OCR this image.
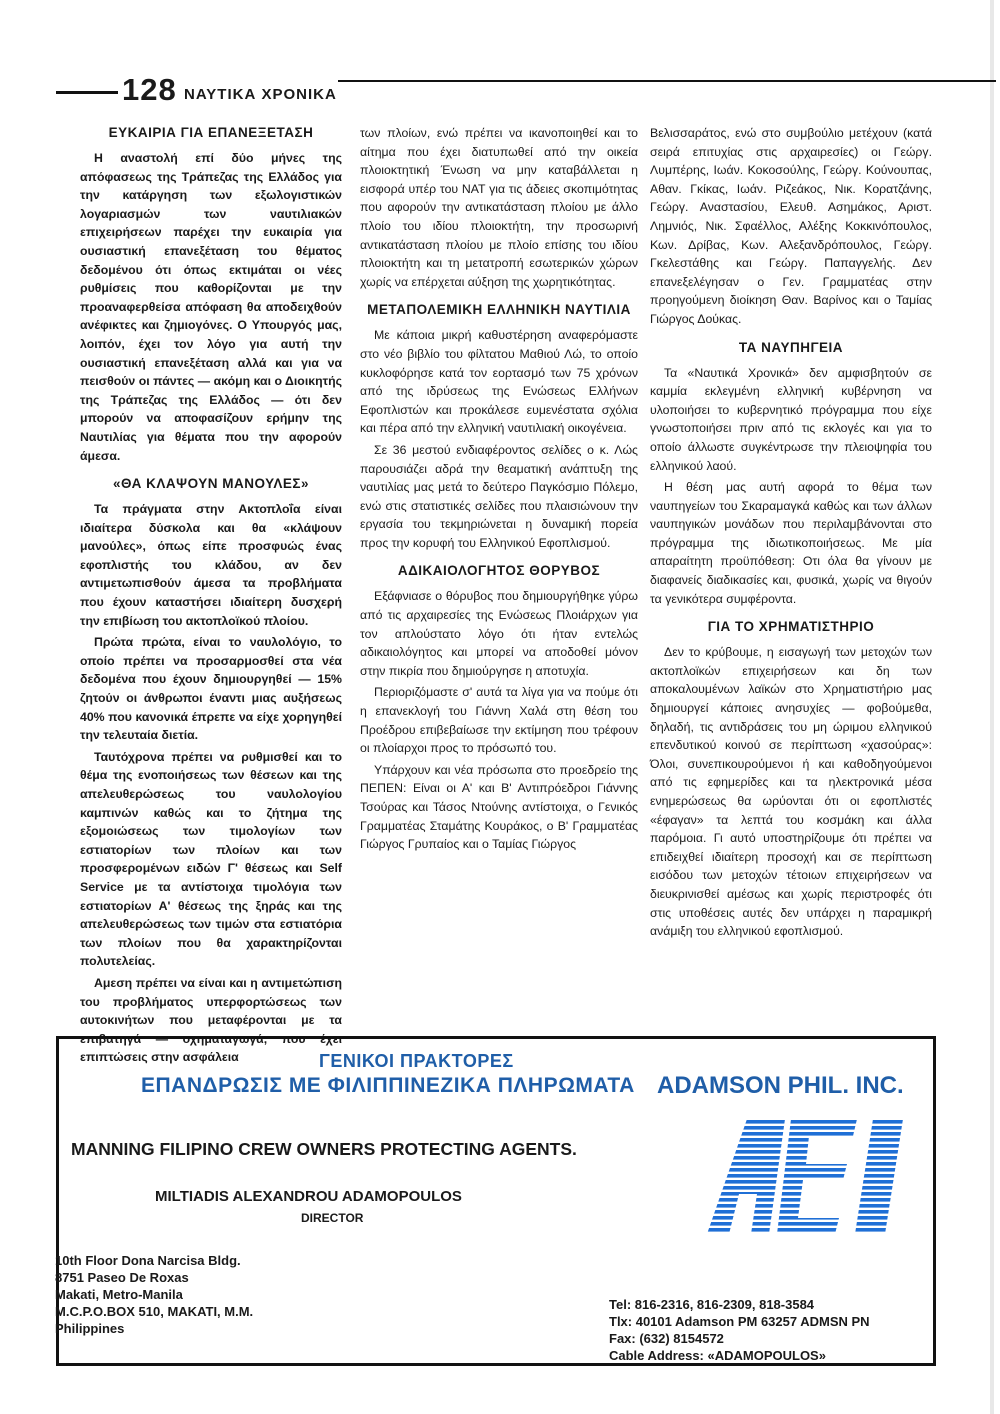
128 ΝΑΥΤΙΚΑ ΧΡΟΝΙΚΑ
ΕΥΚΑΙΡΙΑ ΓΙΑ ΕΠΑΝΕΞΕΤΑΣΗ

Η αναστολή επί δύο μήνες της απόφασεως της Τράπεζας της Ελλάδος για την κατάργηση των εξωλογιστικών λογαριασμών των ναυτιλιακών επιχειρήσεων παρέχει την ευκαιρία για ουσιαστική επανεξέταση του θέματος δεδομένου ότι όπως εκτιμάται οι νέες ρυθμίσεις που καθορίζονται με την προαναφερθείσα απόφαση θα αποδειχθούν ανέφικτες και ζημιογόνες. Ο Υπουργός μας, λοιπόν, έχει τον λόγο για αυτή την ουσιαστική επανεξέταση αλλά και για να πεισθούν οι πάντες — ακόμη και ο Διοικητής της Τράπεζας της Ελλάδος — ότι δεν μπορούν να αποφασίζουν ερήμην της Ναυτιλίας για θέματα που την αφορούν άμεσα.

«ΘΑ ΚΛΑΨΟΥΝ ΜΑΝΟΥΛΕΣ»

Τα πράγματα στην Ακτοπλοΐα είναι ιδιαίτερα δύσκολα και θα «κλάψουν μανούλες», όπως είπε προσφυώς ένας εφοπλιστής του κλάδου, αν δεν αντιμετωπισθούν άμεσα τα προβλήματα που έχουν καταστήσει ιδιαίτερη δυσχερή την επιβίωση του ακτοπλοϊκού πλοίου.

Πρώτα πρώτα, είναι το ναυλολόγιο, το οποίο πρέπει να προσαρμοσθεί στα νέα δεδομένα που έχουν δημιουργηθεί — 15% ζητούν οι άνθρωποι έναντι μιας αυξήσεως 40% που κανονικά έπρεπε να είχε χορηγηθεί την τελευταία διετία.

Ταυτόχρονα πρέπει να ρυθμισθεί και το θέμα της ενοποιήσεως των θέσεων και της απελευθερώσεως του ναυλολογίου καμπινών καθώς και το ζήτημα της εξομοιώσεως των τιμολογίων των εστιατορίων των πλοίων και των προσφερομένων ειδών Γ' θέσεως και Self Service με τα αντίστοιχα τιμολόγια των εστιατορίων Α' θέσεως της ξηράς και της απελευθερώσεως των τιμών στα εστιατόρια των πλοίων που θα χαρακτηρίζονται πολυτελείας.

Αμεση πρέπει να είναι και η αντιμετώπιση του προβλήματος υπερφορτώσεως των αυτοκινήτων που μεταφέρονται με τα επιβατηγά — οχηματαγωγά, που έχει επιπτώσεις στην ασφάλεια

των πλοίων, ενώ πρέπει να ικανοποιηθεί και το αίτημα που έχει διατυπωθεί από την οικεία πλοιοκτητική Ένωση να μην καταβάλλεται η εισφορά υπέρ του ΝΑΤ για τις άδειες σκοπιμότητας που αφορούν την αντικατάσταση πλοίου με άλλο πλοίο του ιδίου πλοιοκτήτη, την προσωρινή αντικατάσταση πλοίου με πλοίο επίσης του ιδίου πλοιοκτήτη και τη μετατροπή εσωτερικών χώρων χωρίς να επέρχεται αύξηση της χωρητικότητας.

ΜΕΤΑΠΟΛΕΜΙΚΗ ΕΛΛΗΝΙΚΗ ΝΑΥΤΙΛΙΑ

Με κάποια μικρή καθυστέρηση αναφερόμαστε στο νέο βιβλίο του φίλτατου Μαθιού Λώ, το οποίο κυκλοφόρησε κατά τον εορτασμό των 75 χρόνων από της ιδρύσεως της Ενώσεως Ελλήνων Εφοπλιστών και προκάλεσε ευμενέστατα σχόλια και πέρα από την ελληνική ναυτιλιακή οικογένεια.

Σε 36 μεστού ενδιαφέροντος σελίδες ο κ. Λώς παρουσιάζει αδρά την θεαματική ανάπτυξη της ναυτιλίας μας μετά το δεύτερο Παγκόσμιο Πόλεμο, ενώ στις στατιστικές σελίδες που πλαισιώνουν την εργασία του τεκμηριώνεται η δυναμική πορεία προς την κορυφή του Ελληνικού Εφοπλισμού.

ΑΔΙΚΑΙΟΛΟΓΗΤΟΣ ΘΟΡΥΒΟΣ

Εξάφνιασε ο θόρυβος που δημιουργήθηκε γύρω από τις αρχαιρεσίες της Ενώσεως Πλοιάρχων για τον απλούστατο λόγο ότι ήταν εντελώς αδικαιολόγητος και μπορεί να αποδοθεί μόνον στην πικρία που δημιούργησε η αποτυχία.

Περιοριζόμαστε σ' αυτά τα λίγα για να πούμε ότι η επανεκλογή του Γιάννη Χαλά στη θέση του Προέδρου επιβεβαίωσε την εκτίμηση που τρέφουν οι πλοίαρχοι προς το πρόσωπό του.

Υπάρχουν και νέα πρόσωπα στο προεδρείο της ΠΕΠΕΝ: Είναι οι Α' και Β' Αντιπρόεδροι Γιάννης Τσούρας και Τάσος Ντούνης αντίστοιχα, ο Γενικός Γραμματέας Σταμάτης Κουράκος, ο Β' Γραμματέας Γιώργος Γρυπαίος και ο Ταμίας Γιώργος

Βελισσαράτος, ενώ στο συμβούλιο μετέχουν (κατά σειρά επιτυχίας στις αρχαιρεσίες) οι Γεώργ. Λυμπέρης, Ιωάν. Κοκοσούλης, Γεώργ. Κούνουπας, Αθαν. Γκίκας, Ιωάν. Ριζεάκος, Νικ. Κορατζάνης, Γεώργ. Αναστασίου, Ελευθ. Ασημάκος, Αριστ. Λημνιός, Νικ. Σφαέλλος, Αλέξης Κοκκινόπουλος, Κων. Δρίβας, Κων. Αλεξανδρόπουλος, Γεώργ. Γκελεστάθης και Γεώργ. Παπαγγελής. Δεν επανεξελέγησαν ο Γεν. Γραμματέας στην προηγούμενη διοίκηση Θαν. Βαρίνος και ο Ταμίας Γιώργος Δούκας.

ΤΑ ΝΑΥΠΗΓΕΙΑ

Τα «Ναυτικά Χρονικά» δεν αμφισβητούν σε καμμία εκλεγμένη ελληνική κυβέρνηση να υλοποιήσει το κυβερνητικό πρόγραμμα που είχε γνωστοποιήσει πριν από τις εκλογές και για το οποίο άλλωστε συγκέντρωσε την πλειοψηφία του ελληνικού λαού.

Η θέση μας αυτή αφορά το θέμα των ναυπηγείων του Σκαραμαγκά καθώς και των άλλων ναυπηγικών μονάδων που περιλαμβάνονται στο πρόγραμμα της ιδιωτικοποιήσεως. Με μία απαραίτητη προϋπόθεση: Οτι όλα θα γίνουν με διαφανείς διαδικασίες και, φυσικά, χωρίς να θιγούν τα γενικότερα συμφέροντα.

ΓΙΑ ΤΟ ΧΡΗΜΑΤΙΣΤΗΡΙΟ

Δεν το κρύβουμε, η εισαγωγή των μετοχών των ακτοπλοϊκών επιχειρήσεων και δη των αποκαλουμένων λαϊκών στο Χρηματιστήριο μας δημιουργεί κάποιες ανησυχίες — φοβούμεθα, δηλαδή, τις αντιδράσεις του μη ώριμου ελληνικού επενδυτικού κοινού σε περίπτωση «χασούρας»: Όλοι, συνεπικουρούμενοι ή και καθοδηγούμενοι από τις εφημερίδες και τα ηλεκτρονικά μέσα ενημερώσεως θα ωρύονται ότι οι εφοπλιστές «έφαγαν» τα λεπτά του κοσμάκη και άλλα παρόμοια. Γι αυτό υποστηρίζουμε ότι πρέπει να επιδειχθεί ιδιαίτερη προσοχή και σε περίπτωση εισόδου των μετοχών τέτοιων επιχειρήσεων να διευκρινισθεί αμέσως και χωρίς περιστροφές ότι στις υποθέσεις αυτές δεν υπάρχει η παραμικρή ανάμιξη του ελληνικού εφοπλισμού.

ΓΕΝΙΚΟΙ ΠΡΑΚΤΟΡΕΣ
ΕΠΑΝΔΡΩΣΙΣ ΜΕ ΦΙΛΙΠΠΙΝΕΖΙΚΑ ΠΛΗΡΩΜΑΤΑ ADAMSON PHIL. INC.
MANNING FILIPINO CREW OWNERS PROTECTING AGENTS.
MILTIADIS ALEXANDROU ADAMOPOULOS
DIRECTOR
10th Floor Dona Narcisa Bldg.
8751 Paseo De Roxas
Makati, Metro-Manila
M.C.P.O.BOX 510, MAKATI, M.M.
Philippines
Tel: 816-2316, 816-2309, 818-3584
Tlx: 40101 Adamson PM 63257 ADMSN PN
Fax: (632) 8154572
Cable Address: «ADAMOPOULOS»
